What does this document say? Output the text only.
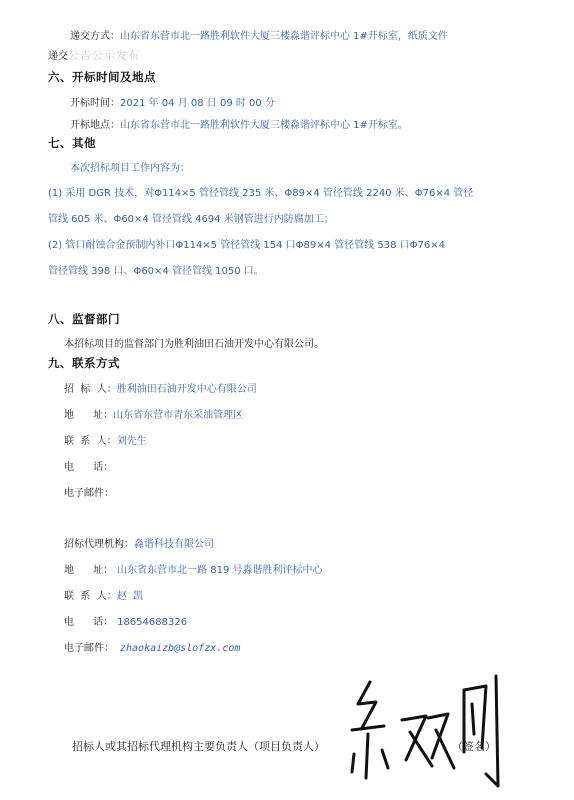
递交方式：山东省东营市北一路胜利软件大厦三楼淼谐评标中心 1#开标室，纸质文件
递交公告公示发布
六、开标时间及地点
开标时间：2021 年 04 月 08 日 09 时 00 分
开标地点：山东省东营市北一路胜利软件大厦三楼淼谐评标中心 1#开标室。
七、其他
本次招标项目工作内容为：
(1) 采用 DGR 技术，对Φ114×5 管径管线 235 米、Φ89×4 管径管线 2240 米、Φ76×4 管径
管线 605 米、Φ60×4 管径管线 4694 米钢管进行内防腐加工；
(2) 管口耐蚀合金预制内补口Φ114×5 管径管线 154 口Φ89×4 管径管线 538 口Φ76×4
管径管线 398 口、Φ60×4 管径管线 1050 口。
八、监督部门
本招标项目的监督部门为胜利油田石油开发中心有限公司。
九、联系方式
招  标  人：胜利油田石油开发中心有限公司
地      址：山东省东营市青东采油管理区
联  系  人：刘先生
电      话：
电子邮件：
招标代理机构：淼谐科技有限公司
地      址： 山东省东营市北一路 819 号淼谐胜利评标中心
联  系  人：赵  凯
电      话： 18654688326
电子邮件： zhaokaizb@slofzx.com
招标人或其招标代理机构主要负责人（项目负责人）	（签名）
